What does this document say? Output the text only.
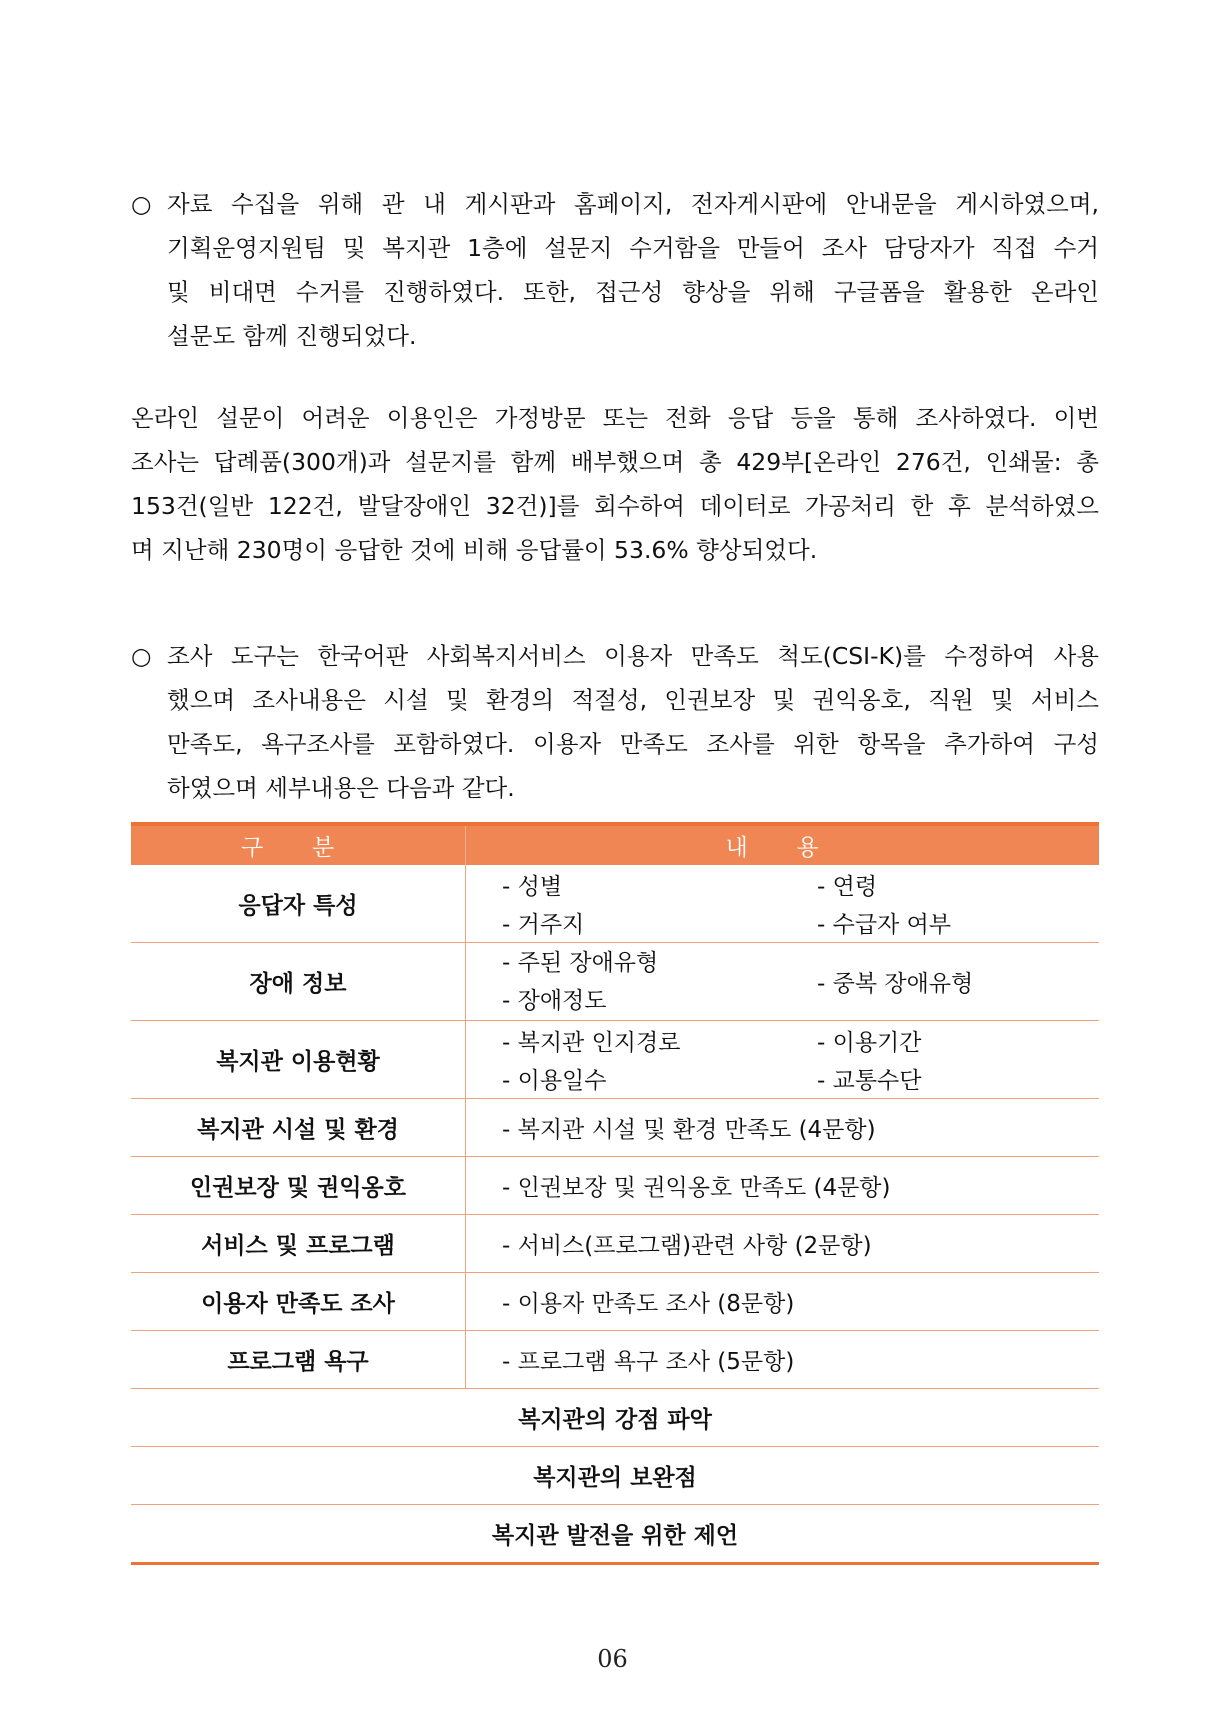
○ 자료 수집을 위해 관 내 게시판과 홈페이지, 전자게시판에 안내문을 게시하였으며,
기획운영지원팀 및 복지관 1층에 설문지 수거함을 만들어 조사 담당자가 직접 수거
및 비대면 수거를 진행하였다. 또한, 접근성 향상을 위해 구글폼을 활용한 온라인
설문도 함께 진행되었다.
온라인 설문이 어려운 이용인은 가정방문 또는 전화 응답 등을 통해 조사하였다. 이번
조사는 답례품(300개)과 설문지를 함께 배부했으며 총 429부[온라인 276건, 인쇄물: 총
153건(일반 122건, 발달장애인 32건)]를 회수하여 데이터로 가공처리 한 후 분석하였으
며 지난해 230명이 응답한 것에 비해 응답률이 53.6% 향상되었다.
○ 조사 도구는 한국어판 사회복지서비스 이용자 만족도 척도(CSI-K)를 수정하여 사용
했으며 조사내용은 시설 및 환경의 적절성, 인권보장 및 권익옹호, 직원 및 서비스
만족도, 욕구조사를 포함하였다. 이용자 만족도 조사를 위한 항목을 추가하여 구성
하였으며 세부내용은 다음과 같다.
구 분	내 용
응답자 특성	- 성별 - 연령
- 거주지 - 수급자 여부

장애 정보	- 주된 장애유형
- 장애정도
- 중복 장애유형

복지관 이용현황	- 복지관 인지경로 - 이용기간
- 이용일수 - 교통수단

복지관 시설 및 환경	- 복지관 시설 및 환경 만족도 (4문항)
인권보장 및 권익옹호	- 인권보장 및 권익옹호 만족도 (4문항)
서비스 및 프로그램	- 서비스(프로그램)관련 사항 (2문항)
이용자 만족도 조사	- 이용자 만족도 조사 (8문항)
프로그램 욕구	- 프로그램 욕구 조사 (5문항)
복지관의 강점 파악	
복지관의 보완점	
복지관 발전을 위한 제언	
06
